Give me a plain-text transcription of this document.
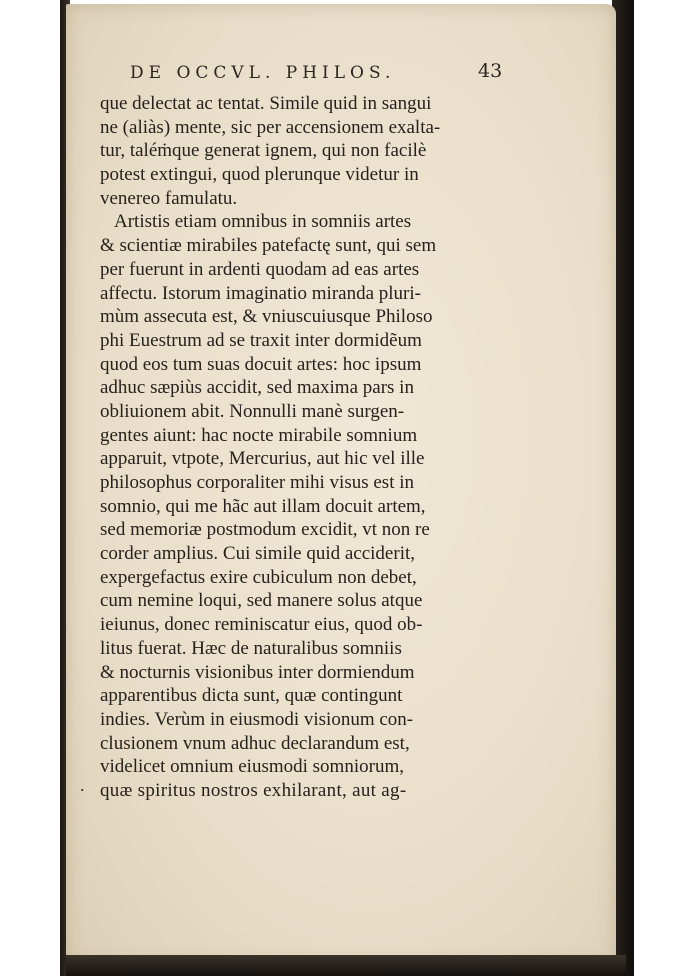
DE OCCVL. PHILOS.	43
que delectat ac tentat. Simile quid in sangui
ne (aliàs) mente, sic per accensionem exalta-
tur, taléṁque generat ignem, qui non facilè
potest extingui, quod plerunque videtur in
venereo famulatu.
Artistis etiam omnibus in somniis artes
& scientiæ mirabiles patefactę sunt, qui sem
per fuerunt in ardenti quodam ad eas artes
affectu. Istorum imaginatio miranda pluri-
mùm assecuta est, & vniuscuiusque Philoso
phi Euestrum ad se traxit inter dormidẽum
quod eos tum suas docuit artes: hoc ipsum
adhuc sæpiùs accidit, sed maxima pars in
obliuionem abit. Nonnulli manè surgen-
gentes aiunt: hac nocte mirabile somnium
apparuit, vtpote, Mercurius, aut hic vel ille
philosophus corporaliter mihi visus est in
somnio, qui me hãc aut illam docuit artem,
sed memoriæ postmodum excidit, vt non re
corder amplius. Cui simile quid acciderit,
expergefactus exire cubiculum non debet,
cum nemine loqui, sed manere solus atque
ieiunus, donec reminiscatur eius, quod ob-
litus fuerat. Hæc de naturalibus somniis
& nocturnis visionibus inter dormiendum
apparentibus dicta sunt, quæ contingunt
indies. Verùm in eiusmodi visionum con-
clusionem vnum adhuc declarandum est,
videlicet omnium eiusmodi somniorum,
quæ spiritus nostros exhilarant, aut ag-
.
